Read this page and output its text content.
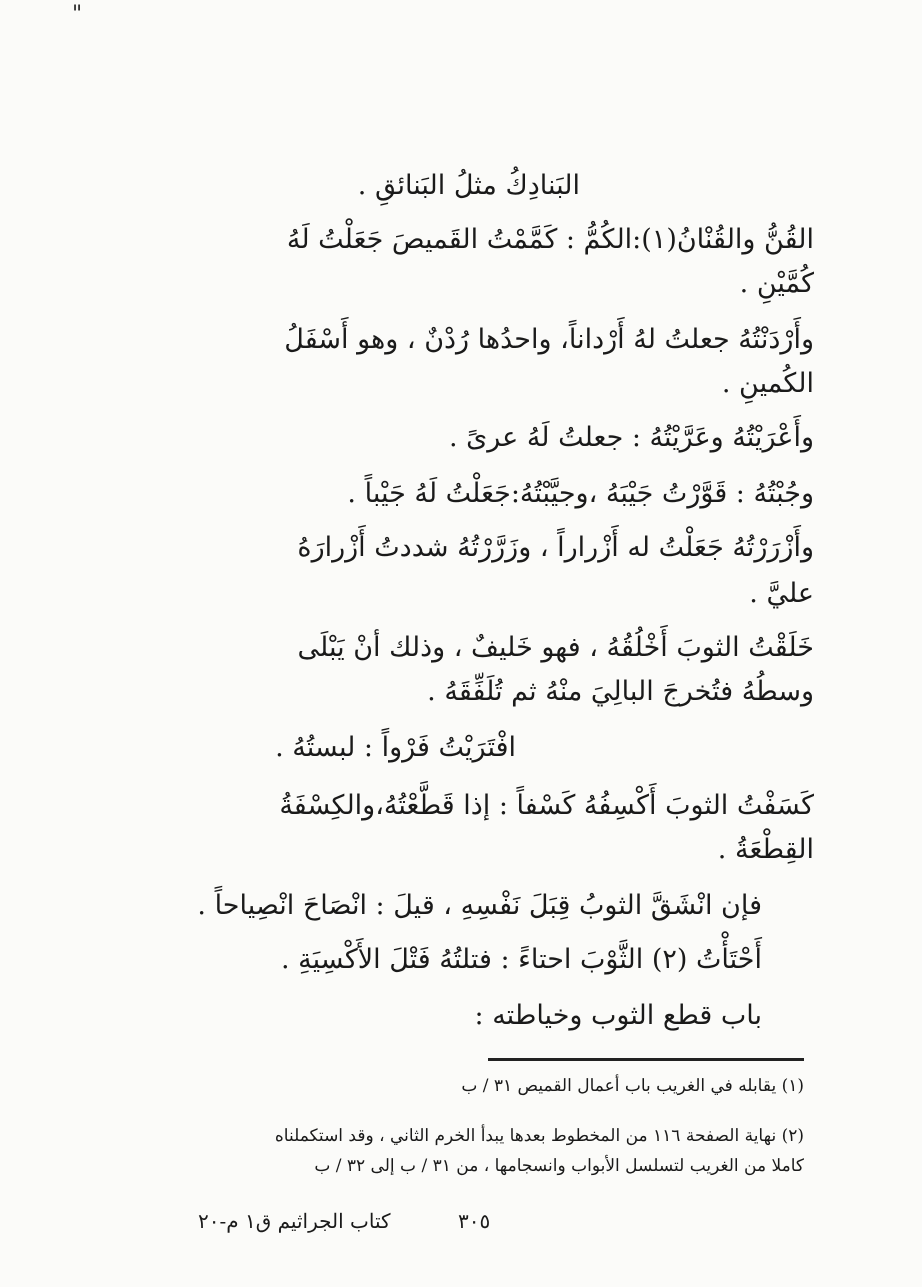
"
البَنادِكُ مثلُ البَنائقِ .
القُنُّ والقُنْانُ(١):الكُمُّ : كَمَّمْتُ القَميصَ جَعَلْتُ لَهُ
كُمَّيْنِ .
وأَرْدَنْتُهُ جعلتُ لهُ أَرْداناً، واحدُها رُدْنٌ ، وهو أَسْفَلُ
الكُمينِ .
وأَعْرَيْتُهُ وعَرَّيْتُهُ : جعلتُ لَهُ عرىً .
وجُبْتُهُ : قَوَّرْتُ جَيْبَهُ ،وجيَّبْتُهُ:جَعَلْتُ لَهُ جَيْباً .
وأَزْرَرْتُهُ جَعَلْتُ له أَزْراراً ، وزَرَّرْتُهُ شددتُ أَزْرارَهُ
عليَّ .
خَلَقْتُ الثوبَ أَخْلُقُهُ ، فهو خَليفٌ ، وذلك أنْ يَبْلَى
وسطُهُ فتُخرجَ البالِيَ منْهُ ثم تُلَفِّقَهُ .
افْتَرَيْتُ فَرْواً : لبستُهُ .
كَسَفْتُ الثوبَ أَكْسِفُهُ كَسْفاً : إذا قَطَّعْتُهُ،والكِسْفَةُ
القِطْعَةُ .
فإن انْشَقَّ الثوبُ قِبَلَ نَفْسِهِ ، قيلَ : انْصَاحَ انْصِياحاً .
أَحْتَأْتُ (٢) الثَّوْبَ احتاءً : فتلتُهُ فَتْلَ الأَكْسِيَةِ .
باب قطع الثوب وخياطته :
(١) يقابله في الغريب باب أعمال القميص ٣١ / ب
(٢) نهاية الصفحة ١١٦ من المخطوط بعدها يبدأ الخرم الثاني ، وقد استكملناه
كاملا من الغريب لتسلسل الأبواب وانسجامها ، من ٣١ / ب إلى ٣٢ / ب
كتاب الجراثيم ق١ م-٢٠	٣٠٥
